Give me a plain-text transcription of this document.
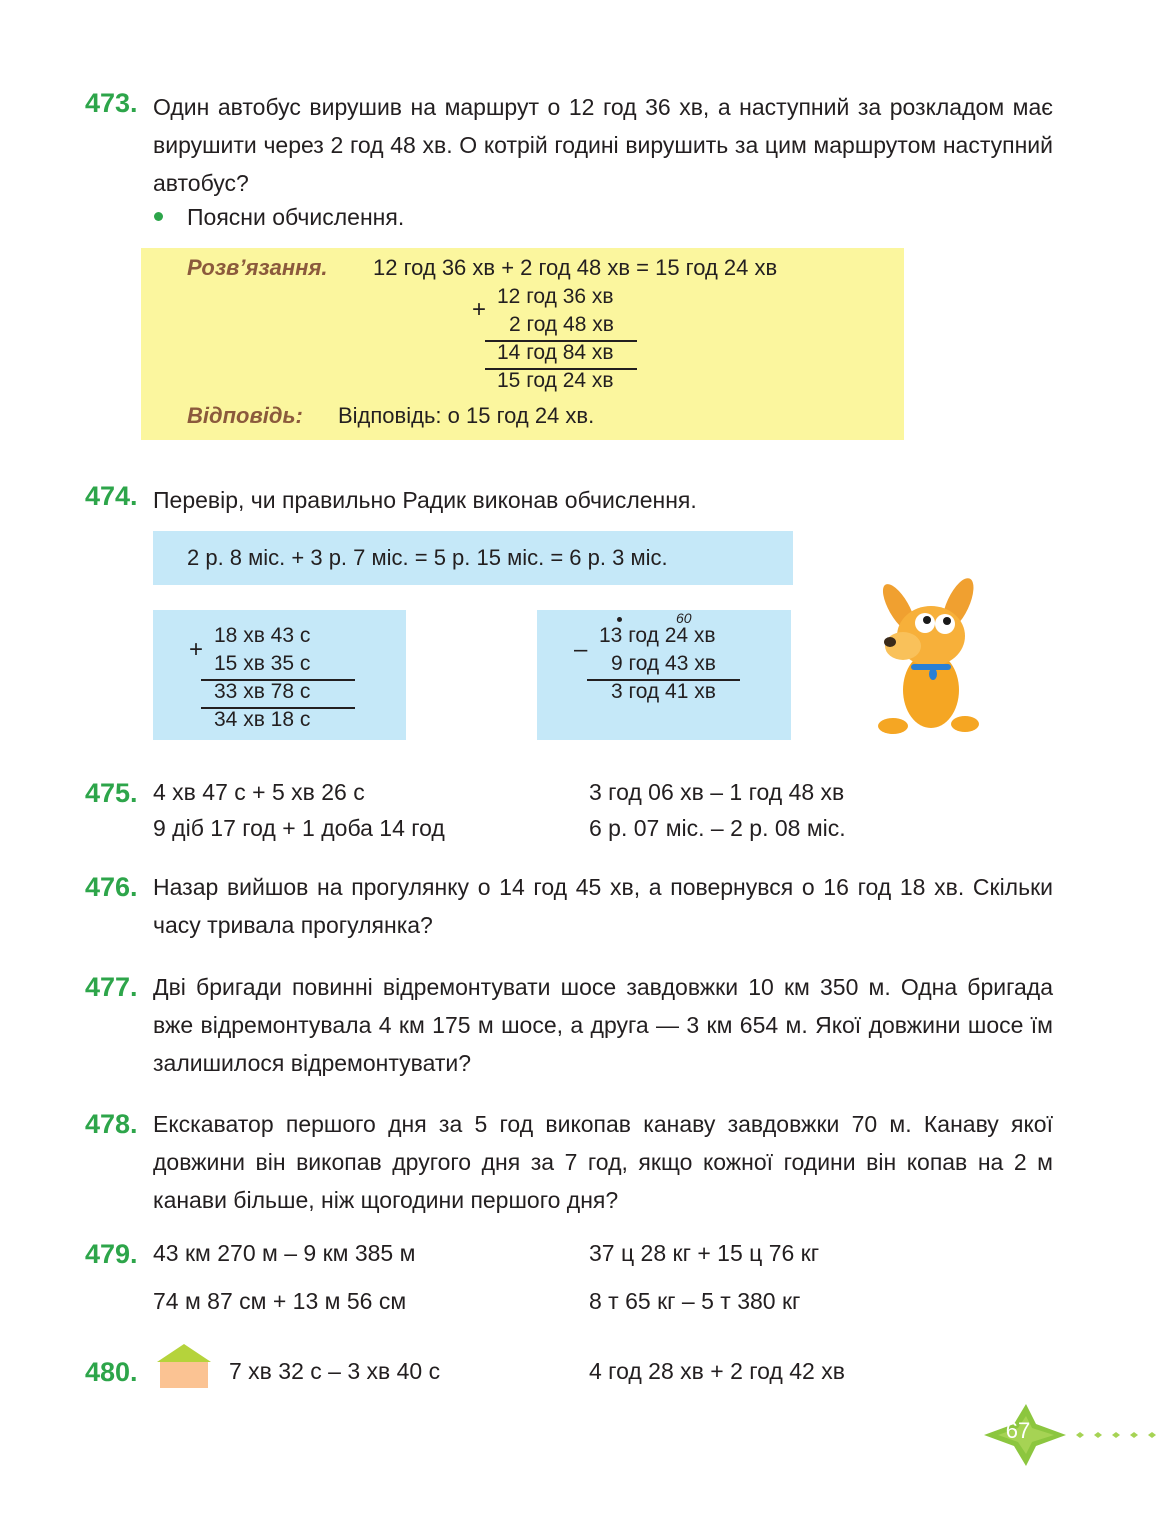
473. Один автобус вирушив на маршрут о 12 год 36 хв, а наступний за розкладом має вирушити через 2 год 48 хв. О котрій годині вирушить за цим маршрутом наступний автобус?
Поясни обчислення.
Розв’язання. 12 год 36 хв + 2 год 48 хв = 15 год 24 хв
+ 12 год 36 хв
2 год 48 хв
14 год 84 хв
15 год 24 хв
Відповідь: Відповідь: о 15 год 24 хв.
474. Перевір, чи правильно Радик виконав обчислення.
2 р. 8 міс. + 3 р. 7 міс. = 5 р. 15 міс. = 6 р. 3 міс.
+
18 хв 43 с
15 хв 35 с
33 хв 78 с
34 хв 18 с
60
–
13 год 24 хв
9 год 43 хв
3 год 41 хв
475. 4 хв 47 с + 5 хв 26 с
9 діб 17 год + 1 доба 14 год
3 год 06 хв – 1 год 48 хв
6 р. 07 міс. – 2 р. 08 міс.
476. Назар вийшов на прогулянку о 14 год 45 хв, а повернувся о 16 год 18 хв. Скільки часу тривала прогулянка?
477. Дві бригади повинні відремонтувати шосе завдовжки 10 км 350 м. Одна бригада вже відремонтувала 4 км 175 м шосе, а друга — 3 км 654 м. Якої довжини шосе їм залишилося відремонтувати?
478. Екскаватор першого дня за 5 год викопав канаву завдовжки 70 м. Канаву якої довжини він викопав другого дня за 7 год, якщо кожної години він копав на 2 м канави більше, ніж щогодини першого дня?
479. 43 км 270 м – 9 км 385 м
74 м 87 см + 13 м 56 см
37 ц 28 кг + 15 ц 76 кг
8 т 65 кг – 5 т 380 кг
480.	7 хв 32 с – 3 хв 40 с	4 год 28 хв + 2 год 42 хв
67
